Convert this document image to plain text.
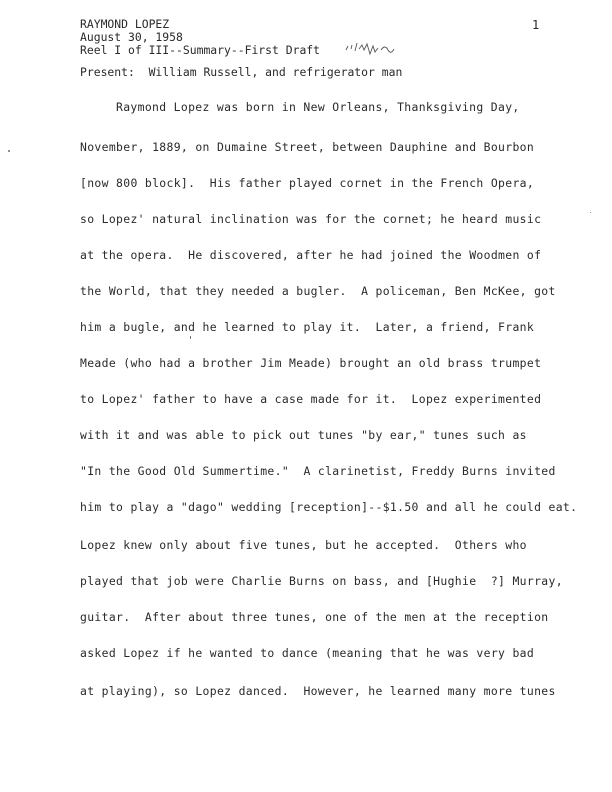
RAYMOND LOPEZ	1
August 30, 1958
Reel I of III--Summary--First Draft
Present:  William Russell, and refrigerator man
Raymond Lopez was born in New Orleans, Thanksgiving Day,
November, 1889, on Dumaine Street, between Dauphine and Bourbon
[now 800 block].  His father played cornet in the French Opera,
so Lopez' natural inclination was for the cornet; he heard music
at the opera.  He discovered, after he had joined the Woodmen of
the World, that they needed a bugler.  A policeman, Ben McKee, got
him a bugle, and he learned to play it.  Later, a friend, Frank
Meade (who had a brother Jim Meade) brought an old brass trumpet
to Lopez' father to have a case made for it.  Lopez experimented
with it and was able to pick out tunes "by ear," tunes such as
"In the Good Old Summertime."  A clarinetist, Freddy Burns invited
him to play a "dago" wedding [reception]--$1.50 and all he could eat.
Lopez knew only about five tunes, but he accepted.  Others who
played that job were Charlie Burns on bass, and [Hughie  ?] Murray,
guitar.  After about three tunes, one of the men at the reception
asked Lopez if he wanted to dance (meaning that he was very bad
at playing), so Lopez danced.  However, he learned many more tunes
